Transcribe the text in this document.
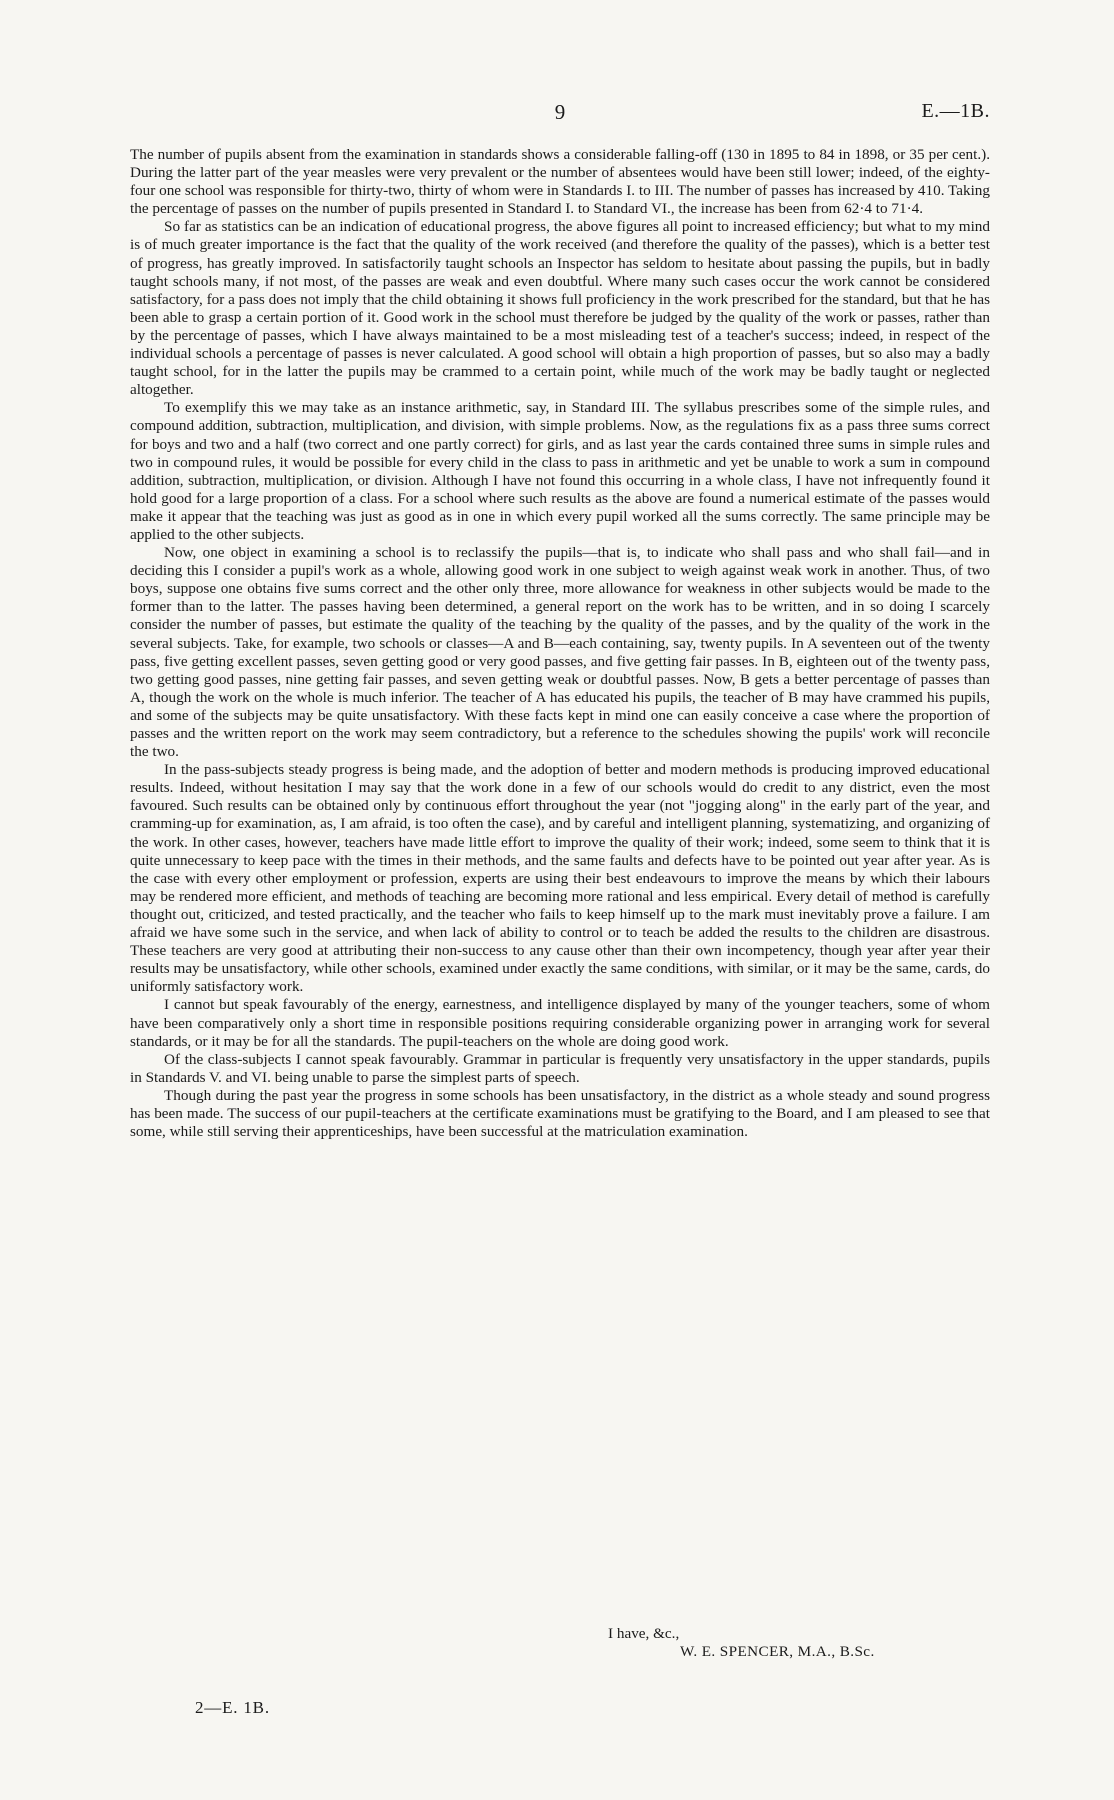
9	E.—1B.

The number of pupils absent from the examination in standards shows a considerable falling-off (130 in 1895 to 84 in 1898, or 35 per cent.). During the latter part of the year measles were very prevalent or the number of absentees would have been still lower; indeed, of the eighty-four one school was responsible for thirty-two, thirty of whom were in Standards I. to III. The number of passes has increased by 410. Taking the percentage of passes on the number of pupils presented in Standard I. to Standard VI., the increase has been from 62·4 to 71·4.

So far as statistics can be an indication of educational progress, the above figures all point to increased efficiency; but what to my mind is of much greater importance is the fact that the quality of the work received (and therefore the quality of the passes), which is a better test of progress, has greatly improved. In satisfactorily taught schools an Inspector has seldom to hesitate about passing the pupils, but in badly taught schools many, if not most, of the passes are weak and even doubtful. Where many such cases occur the work cannot be considered satisfactory, for a pass does not imply that the child obtaining it shows full proficiency in the work prescribed for the standard, but that he has been able to grasp a certain portion of it. Good work in the school must therefore be judged by the quality of the work or passes, rather than by the percentage of passes, which I have always maintained to be a most misleading test of a teacher's success; indeed, in respect of the individual schools a percentage of passes is never calculated. A good school will obtain a high proportion of passes, but so also may a badly taught school, for in the latter the pupils may be crammed to a certain point, while much of the work may be badly taught or neglected altogether.

To exemplify this we may take as an instance arithmetic, say, in Standard III. The syllabus prescribes some of the simple rules, and compound addition, subtraction, multiplication, and division, with simple problems. Now, as the regulations fix as a pass three sums correct for boys and two and a half (two correct and one partly correct) for girls, and as last year the cards contained three sums in simple rules and two in compound rules, it would be possible for every child in the class to pass in arithmetic and yet be unable to work a sum in compound addition, subtraction, multiplication, or division. Although I have not found this occurring in a whole class, I have not infrequently found it hold good for a large proportion of a class. For a school where such results as the above are found a numerical estimate of the passes would make it appear that the teaching was just as good as in one in which every pupil worked all the sums correctly. The same principle may be applied to the other subjects.

Now, one object in examining a school is to reclassify the pupils—that is, to indicate who shall pass and who shall fail—and in deciding this I consider a pupil's work as a whole, allowing good work in one subject to weigh against weak work in another. Thus, of two boys, suppose one obtains five sums correct and the other only three, more allowance for weakness in other subjects would be made to the former than to the latter. The passes having been determined, a general report on the work has to be written, and in so doing I scarcely consider the number of passes, but estimate the quality of the teaching by the quality of the passes, and by the quality of the work in the several subjects. Take, for example, two schools or classes—A and B—each containing, say, twenty pupils. In A seventeen out of the twenty pass, five getting excellent passes, seven getting good or very good passes, and five getting fair passes. In B, eighteen out of the twenty pass, two getting good passes, nine getting fair passes, and seven getting weak or doubtful passes. Now, B gets a better percentage of passes than A, though the work on the whole is much inferior. The teacher of A has educated his pupils, the teacher of B may have crammed his pupils, and some of the subjects may be quite unsatisfactory. With these facts kept in mind one can easily conceive a case where the proportion of passes and the written report on the work may seem contradictory, but a reference to the schedules showing the pupils' work will reconcile the two.

In the pass-subjects steady progress is being made, and the adoption of better and modern methods is producing improved educational results. Indeed, without hesitation I may say that the work done in a few of our schools would do credit to any district, even the most favoured. Such results can be obtained only by continuous effort throughout the year (not "jogging along" in the early part of the year, and cramming-up for examination, as, I am afraid, is too often the case), and by careful and intelligent planning, systematizing, and organizing of the work. In other cases, however, teachers have made little effort to improve the quality of their work; indeed, some seem to think that it is quite unnecessary to keep pace with the times in their methods, and the same faults and defects have to be pointed out year after year. As is the case with every other employment or profession, experts are using their best endeavours to improve the means by which their labours may be rendered more efficient, and methods of teaching are becoming more rational and less empirical. Every detail of method is carefully thought out, criticized, and tested practically, and the teacher who fails to keep himself up to the mark must inevitably prove a failure. I am afraid we have some such in the service, and when lack of ability to control or to teach be added the results to the children are disastrous. These teachers are very good at attributing their non-success to any cause other than their own incompetency, though year after year their results may be unsatisfactory, while other schools, examined under exactly the same conditions, with similar, or it may be the same, cards, do uniformly satisfactory work.

I cannot but speak favourably of the energy, earnestness, and intelligence displayed by many of the younger teachers, some of whom have been comparatively only a short time in responsible positions requiring considerable organizing power in arranging work for several standards, or it may be for all the standards. The pupil-teachers on the whole are doing good work.

Of the class-subjects I cannot speak favourably. Grammar in particular is frequently very unsatisfactory in the upper standards, pupils in Standards V. and VI. being unable to parse the simplest parts of speech.

Though during the past year the progress in some schools has been unsatisfactory, in the district as a whole steady and sound progress has been made. The success of our pupil-teachers at the certificate examinations must be gratifying to the Board, and I am pleased to see that some, while still serving their apprenticeships, have been successful at the matriculation examination.

I have, &c.,
W. E. SPENCER, M.A., B.Sc.
2—E. 1B.
